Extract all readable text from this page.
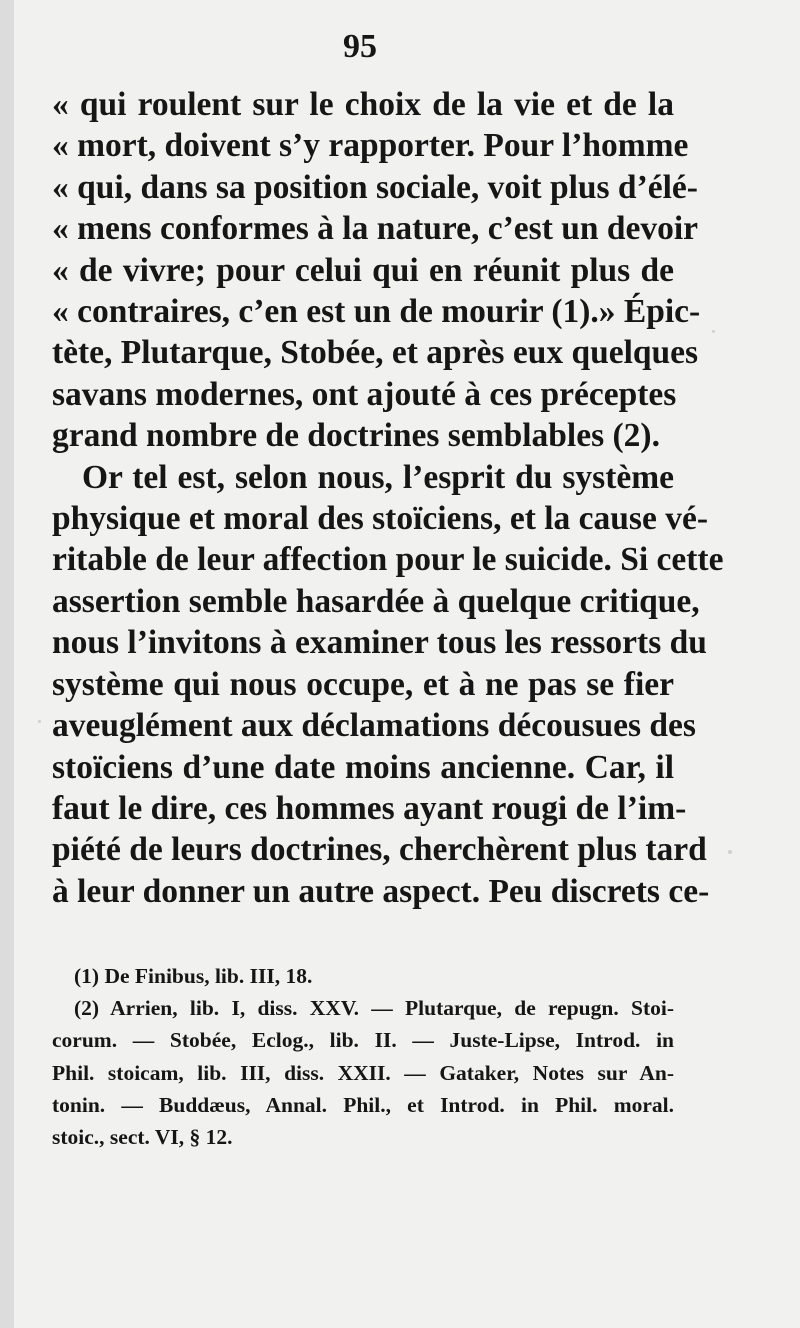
95
« qui roulent sur le choix de la vie et de la
« mort, doivent s’y rapporter. Pour l’homme
« qui, dans sa position sociale, voit plus d’élé-
« mens conformes à la nature, c’est un devoir
« de vivre; pour celui qui en réunit plus de
« contraires, c’en est un de mourir (1).» Épic-
tète, Plutarque, Stobée, et après eux quelques
savans modernes, ont ajouté à ces préceptes
grand nombre de doctrines semblables (2).
Or tel est, selon nous, l’esprit du système
physique et moral des stoïciens, et la cause vé-
ritable de leur affection pour le suicide. Si cette
assertion semble hasardée à quelque critique,
nous l’invitons à examiner tous les ressorts du
système qui nous occupe, et à ne pas se fier
aveuglément aux déclamations décousues des
stoïciens d’une date moins ancienne. Car, il
faut le dire, ces hommes ayant rougi de l’im-
piété de leurs doctrines, cherchèrent plus tard
à leur donner un autre aspect. Peu discrets ce-
(1) De Finibus, lib. III, 18.
(2) Arrien, lib. I, diss. XXV. — Plutarque, de repugn. Stoi-
corum. — Stobée, Eclog., lib. II. — Juste-Lipse, Introd. in
Phil. stoicam, lib. III, diss. XXII. — Gataker, Notes sur An-
tonin. — Buddæus, Annal. Phil., et Introd. in Phil. moral.
stoic., sect. VI, § 12.
